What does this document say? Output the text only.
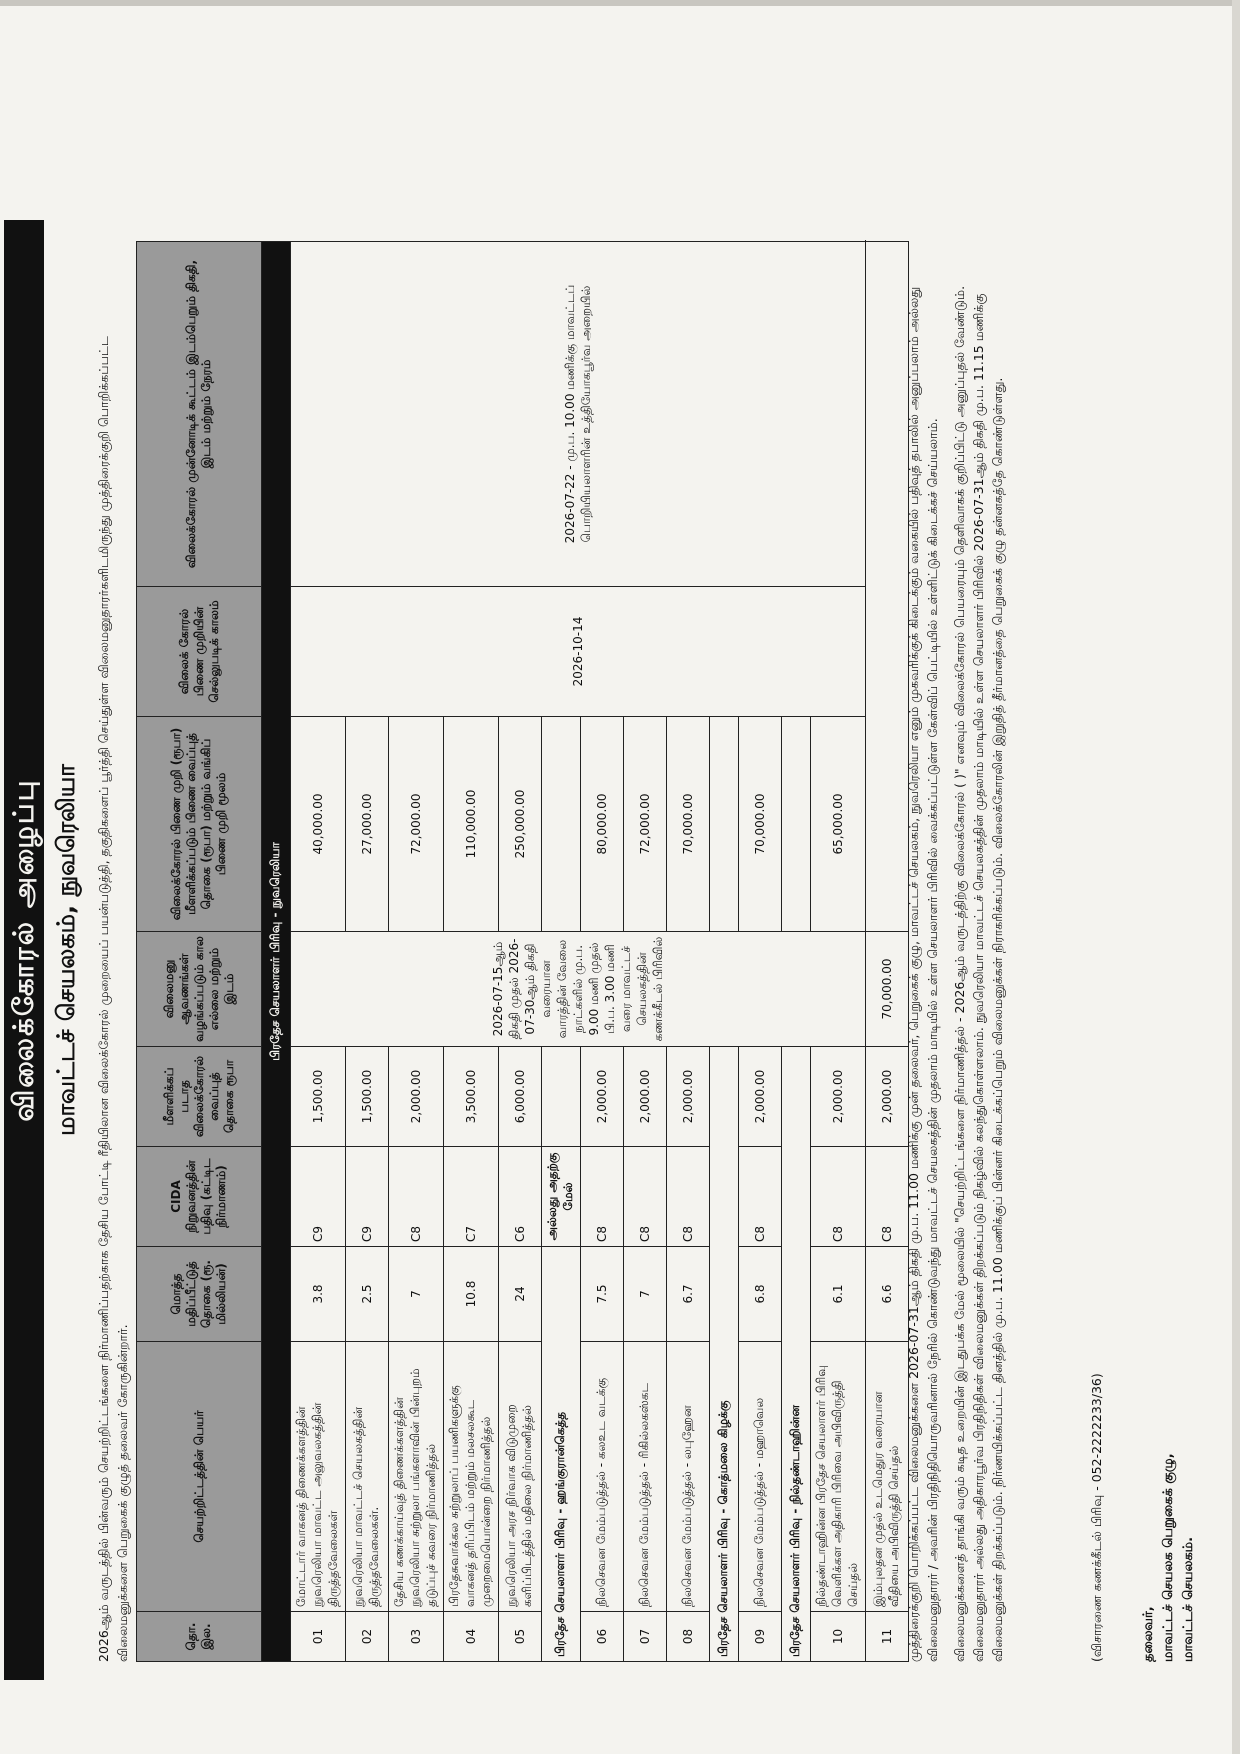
விலைக்கோரல் அழைப்பு மாவட்டச் செயலகம், நுவரெலியா 2026ஆம் வருடத்தில் பின்வரும் செயற்றிட்டங்களை நிர்மாணிப்பதற்காக தேசிய போட்டி ரீதியிலான விலைக்கோரல் முறையைப் பயன்படுத்தி, தகுதிகளைப் பூர்த்தி செய்துள்ள விலைமனுதாரர்களிடமிருந்து முத்திரைக்குறி பொறிக்கப்பட்ட விலைமனுக்களை பெறுகைக் குழுத் தலைவர் கோருகின்றார்.	தொ. இல.	செயற்றிட்டத்தின் பெயர்	மொத்த மதிப்பீட்டுத் தொகை (ரூ. மில்லியன்)	CIDA நிறுவனத்தின் பதிவு (கட்டிட நிர்மாணம்)	மீளளிக்கப் படாத விலைக்கோரல் வைப்புத் தொகை ரூபா	விலைமனு ஆவணங்கள் வழங்கப்படும் கால எல்லை மற்றும் இடம்	விலைக்கோரல் பிணை முறி (ரூபா) மீளளிக்கப்படும் பிணை வைப்புத் தொகை (ரூபா) மற்றும் வங்கிப் பிணை முறி மூலம்	விலைக் கோரல் பிணை முறியின் செல்லுபடிக் காலம்	விலைக்கோரல் முன்னோடிக் கூட்டம் இடம்பெறும் திகதி, இடம் மற்றும் நேரம்	
பிரதேச செயலாளர் பிரிவு - நுவரெலியா									
01	மோட்டார் வாகனத் திணைக்களத்தின் நுவரெலியா மாவட்ட அலுவலகத்தின் திருத்தவேலைகள்	3.8	C9	1,500.00	2026-07-15ஆம் திகதி முதல் 2026-07-30ஆம் திகதி வரையான வாரத்தின் வேலை நாட்களில் மு.ப. 9.00 மணி முதல் பி.ப. 3.00 மணி வரை மாவட்டச் செயலகத்தின் கணக்கீடல் பிரிவில்	40,000.00	2026-10-14	2026-07-22 - மு.ப. 10.00 மணிக்கு மாவட்டப் பொறியியலாளரின் உத்தியோகபூர்வ அறையில்	
02	நுவரெலியா மாவட்டச் செயலகத்தின் திருத்தவேலைகள்.	2.5	C9	1,500.00		27,000.00			
03	தேசிய கணக்காய்வுத் திணைக்களத்தின் நுவரெலியா சுற்றுலா பங்களாவின் பின்புறம் தடுப்புச் சுவரை நிர்மாணித்தல்	7	C8	2,000.00		72,000.00			
04	பிரதேசுவாக்கல சுற்றுலாப் பயணிகளுக்கு வாகனத் தரிப்பிடம் மற்றும் மலசலகூட முறைமையொன்றை நிர்மாணித்தல்	10.8	C7	3,500.00		110,000.00			
05	நுவரெலியா அரச நிர்வாக விடுமுறை களிப்பிடத்தில் மதிலை நிர்மாணித்தல்	24	C6	6,000.00		250,000.00			
பிரதேச செயலாளர் பிரிவு - ஹங்குரான்கெத்த			அல்லது அதற்கு மேல்						
06	நிலசெவன மேம்படுத்தல் - கலஉட வடக்கு	7.5	C8	2,000.00		80,000.00			
07	நிலசெவன மேம்படுத்தல் - ரிகில்லகஸ்கட	7	C8	2,000.00		72,000.00			
08	நிலசெவன மேம்படுத்தல் - லபுஹேன	6.7	C8	2,000.00		70,000.00			
பிரதேச செயலாளர் பிரிவு - கொத்மலை கிழக்கு									
09	நிலசெவன மேம்படுத்தல் - மஹாவெல	6.8	C8	2,000.00		70,000.00			
பிரதேச செயலாளர் பிரிவு - நில்தண்டாஹின்ன									
10	நில்தண்டாஹின்ன பிரதேச செயலாளர் பிரிவு வெளிக்கள அதிகாரி பிரிவை அபிவிருத்தி செய்தல்	6.1	C8	2,000.00		65,000.00			
11	இம்புலதன முதல் உடமெதுர வரையான வீதியை அபிவிருத்தி செய்தல்	6.6	C8	2,000.00	70,000.00				முத்திரைக்குறி பொறிக்கப்பட்ட விலைமனுக்களை 2026-07-31ஆம் திகதி மு.ப. 11.00 மணிக்கு முன் தலைவர், பெறுகைக் குழு, மாவட்டச் செயலகம், நுவரெலியா எனும் முகவரிக்குக் கிடைக்கும் வகையில் பதிவுத் தபாலில் அனுப்பலாம் அல்லது விலைமனுதாரர் / அவரின் பிரதிநிதியொருவரினால் நேரில் கொண்டுவந்து மாவட்டச் செயலகத்தின் முதலாம் மாடியில் உள்ள செயலாளர் பிரிவில் வைக்கப்பட்டுள்ள கேள்விப் பெட்டியில் உள்ளிட்டுக் கிடைக்கச் செய்யலாம். விலைமனுக்களைத் தாங்கி வரும் கடித உறையின் இடதுபக்க மேல் மூலையில் "செயற்றிட்டங்களை நிர்மாணித்தல் - 2026ஆம் வருடத்திற்கு விலைக்கோரல் ( )" எனவும் விலைக்கோரல் பெயரையும் தெளிவாகக் குறிப்பிட்டு அனுப்புதல் வேண்டும். விலைமனுதாரர் அல்லது அதிகாரபூர்வ பிரதிநிதிகள் விலைமனுக்கள் திறக்கப்படும் நிகழ்வில் கலந்துகொள்ளலாம். நுவரெலியா மாவட்டச் செயலகத்தின் முதலாம் மாடியில் உள்ள செயலாளர் பிரிவில் 2026-07-31ஆம் திகதி மு.ப. 11.15 மணிக்கு விலைமனுக்கள் திறக்கப்படும். நிர்ணயிக்கப்பட்ட தினத்தில் மு.ப. 11.00 மணிக்குப் பின்னர் கிடைக்கப்பெறும் விலைமனுக்கள் நிராகரிக்கப்படும். விலைக்கோரலின் இறுதித் தீர்மானத்தை பெறுகைக் குழு தன்னகத்தே கொண்டுள்ளது.	(விசாரணை கணக்கீடல் பிரிவு - 052-2222233/36)	தலைவர், மாவட்டச் செயலக பெறுகைக் குழு, மாவட்டச் செயலகம்.
